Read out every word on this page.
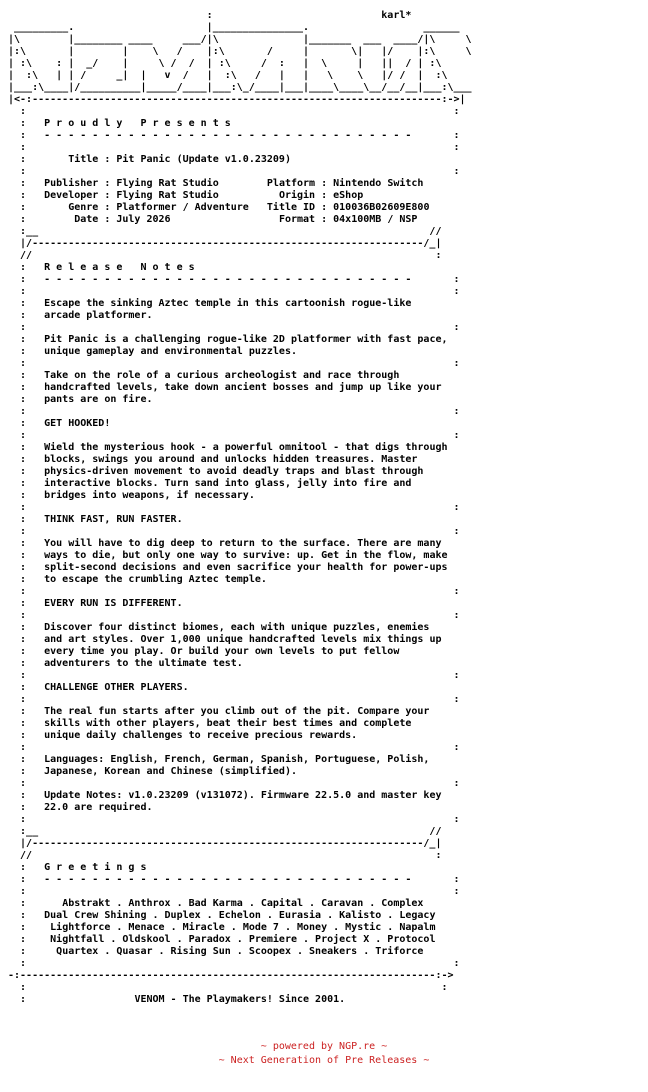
:                            karl*
_________.                      |_______________.                   ______
|\        |________ ____     ___/|\              |_______  ___  ____/|\     \
|:\       |        |    \   /    |:\       /     |       \|   |/    |:\     \
| :\    : |  _/    |     \ /  /  | :\     /  :   |  \     |   ||  / | :\
|  :\   | | /     _|  |   v  /   |  :\   /   |   |   \    \   |/ /  |  :\
|___:\____|/__________|_____/____|___:\_/____|___|____\____\__/__/__|___:\___
|<-:--------------------------------------------------------------------:->|
:                                                                       :
:   P r o u d l y   P r e s e n t s
:   - - - - - - - - - - - - - - - - - - - - - - - - - - - - - - -       :
:                                                                       :
:       Title : Pit Panic (Update v1.0.23209)
:                                                                       :
:   Publisher : Flying Rat Studio        Platform : Nintendo Switch
:   Developer : Flying Rat Studio          Origin : eShop
:       Genre : Platformer / Adventure   Title ID : 010036B02609E800
:        Date : July 2026                  Format : 04x100MB / NSP
:__                                                                 //
|/-----------------------------------------------------------------/_|
//                                                                   :
:   R e l e a s e   N o t e s
:   - - - - - - - - - - - - - - - - - - - - - - - - - - - - - - -       :
:                                                                       :
:   Escape the sinking Aztec temple in this cartoonish rogue-like
:   arcade platformer.
:                                                                       :
:   Pit Panic is a challenging rogue-like 2D platformer with fast pace,
:   unique gameplay and environmental puzzles.
:                                                                       :
:   Take on the role of a curious archeologist and race through
:   handcrafted levels, take down ancient bosses and jump up like your
:   pants are on fire.
:                                                                       :
:   GET HOOKED!
:                                                                       :
:   Wield the mysterious hook - a powerful omnitool - that digs through
:   blocks, swings you around and unlocks hidden treasures. Master
:   physics-driven movement to avoid deadly traps and blast through
:   interactive blocks. Turn sand into glass, jelly into fire and
:   bridges into weapons, if necessary.
:                                                                       :
:   THINK FAST, RUN FASTER.
:                                                                       :
:   You will have to dig deep to return to the surface. There are many
:   ways to die, but only one way to survive: up. Get in the flow, make
:   split-second decisions and even sacrifice your health for power-ups
:   to escape the crumbling Aztec temple.
:                                                                       :
:   EVERY RUN IS DIFFERENT.
:                                                                       :
:   Discover four distinct biomes, each with unique puzzles, enemies
:   and art styles. Over 1,000 unique handcrafted levels mix things up
:   every time you play. Or build your own levels to put fellow
:   adventurers to the ultimate test.
:                                                                       :
:   CHALLENGE OTHER PLAYERS.
:                                                                       :
:   The real fun starts after you climb out of the pit. Compare your
:   skills with other players, beat their best times and complete
:   unique daily challenges to receive precious rewards.
:                                                                       :
:   Languages: English, French, German, Spanish, Portuguese, Polish,
:   Japanese, Korean and Chinese (simplified).
:                                                                       :
:   Update Notes: v1.0.23209 (v131072). Firmware 22.5.0 and master key
:   22.0 are required.
:                                                                       :
:__                                                                 //
|/-----------------------------------------------------------------/_|
//                                                                   :
:   G r e e t i n g s
:   - - - - - - - - - - - - - - - - - - - - - - - - - - - - - - -       :
:                                                                       :
:      Abstrakt . Anthrox . Bad Karma . Capital . Caravan . Complex
:   Dual Crew Shining . Duplex . Echelon . Eurasia . Kalisto . Legacy
:    Lightforce . Menace . Miracle . Mode 7 . Money . Mystic . Napalm
:    Nightfall . Oldskool . Paradox . Premiere . Project X . Protocol
:     Quartex . Quasar . Rising Sun . Scoopex . Sneakers . Triforce
:                                                                       :
-:---------------------------------------------------------------------:->
:                                                                     :
:                  VENOM - The Playmakers! Since 2001.

~ powered by NGP.re ~
~ Next Generation of Pre Releases ~
